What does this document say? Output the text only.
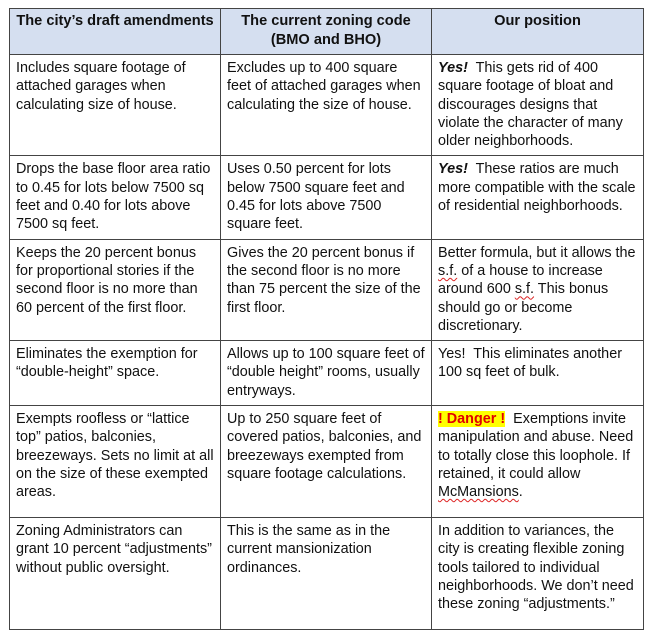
The city’s draft amendments	The current zoning code (BMO and BHO)	Our position
Includes square footage of attached garages when calculating size of house.	Excludes up to 400 square feet of attached garages when calculating the size of house.	Yes! This gets rid of 400 square footage of bloat and discourages designs that violate the character of many older neighborhoods.
Drops the base floor area ratio to 0.45 for lots below 7500 sq feet and 0.40 for lots above 7500 sq feet.	Uses 0.50 percent for lots below 7500 square feet and 0.45 for lots above 7500 square feet.	Yes! These ratios are much more compatible with the scale of residential neighborhoods.
Keeps the 20 percent bonus for proportional stories if the second floor is no more than 60 percent of the first floor.	Gives the 20 percent bonus if the second floor is no more than 75 percent the size of the first floor.	Better formula, but it allows the s.f. of a house to increase around 600 s.f. This bonus should go or become discretionary.
Eliminates the exemption for “double-height” space.	Allows up to 100 square feet of “double height” rooms, usually entryways.	Yes!  This eliminates another 100 sq feet of bulk.
Exempts roofless or “lattice top” patios, balconies, breezeways. Sets no limit at all on the size of these exempted areas.	Up to 250 square feet of covered patios, balconies, and breezeways exempted from square footage calculations.	! Danger ! Exemptions invite manipulation and abuse. Need to totally close this loophole. If retained, it could allow McMansions.
Zoning Administrators can grant 10 percent “adjustments” without public oversight.	This is the same as in the current mansionization ordinances.	In addition to variances, the city is creating flexible zoning tools tailored to individual neighborhoods. We don’t need these zoning “adjustments.”
